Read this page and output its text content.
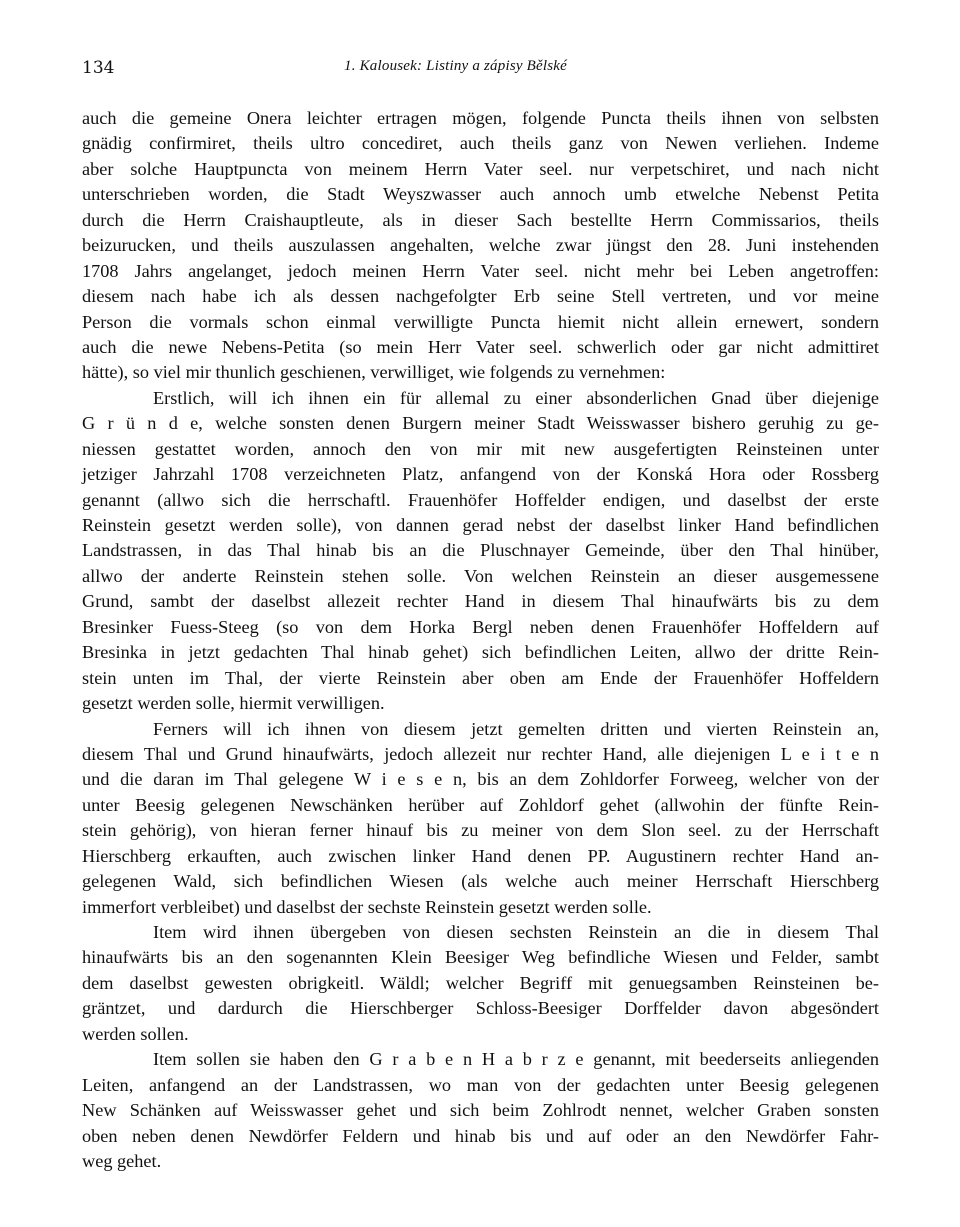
134	1. Kalousek: Listiny a zápisy Bělské
auch die gemeine Onera leichter ertragen mögen, folgende Puncta theils ihnen von selbsten
gnädig confirmiret, theils ultro concediret, auch theils ganz von Newen verliehen. Indeme
aber solche Hauptpuncta von meinem Herrn Vater seel. nur verpetschiret, und nach nicht
unterschrieben worden, die Stadt Weyszwasser auch annoch umb etwelche Nebenst Petita
durch die Herrn Craishauptleute, als in dieser Sach bestellte Herrn Commissarios, theils
beizurucken, und theils auszulassen angehalten, welche zwar jüngst den 28. Juni instehenden
1708 Jahrs angelanget, jedoch meinen Herrn Vater seel. nicht mehr bei Leben angetroffen:
diesem nach habe ich als dessen nachgefolgter Erb seine Stell vertreten, und vor meine
Person die vormals schon einmal verwilligte Puncta hiemit nicht allein ernewert, sondern
auch die newe Nebens-Petita (so mein Herr Vater seel. schwerlich oder gar nicht admittiret
hätte), so viel mir thunlich geschienen, verwilliget, wie folgends zu vernehmen:
Erstlich, will ich ihnen ein für allemal zu einer absonderlichen Gnad über diejenige
G r ü n d e, welche sonsten denen Burgern meiner Stadt Weisswasser bishero geruhig zu ge-
niessen gestattet worden, annoch den von mir mit new ausgefertigten Reinsteinen unter
jetziger Jahrzahl 1708 verzeichneten Platz, anfangend von der Konská Hora oder Rossberg
genannt (allwo sich die herrschaftl. Frauenhöfer Hoffelder endigen, und daselbst der erste
Reinstein gesetzt werden solle), von dannen gerad nebst der daselbst linker Hand befindlichen
Landstrassen, in das Thal hinab bis an die Pluschnayer Gemeinde, über den Thal hinüber,
allwo der anderte Reinstein stehen solle. Von welchen Reinstein an dieser ausgemessene
Grund, sambt der daselbst allezeit rechter Hand in diesem Thal hinaufwärts bis zu dem
Bresinker Fuess-Steeg (so von dem Horka Bergl neben denen Frauenhöfer Hoffeldern auf
Bresinka in jetzt gedachten Thal hinab gehet) sich befindlichen Leiten, allwo der dritte Rein-
stein unten im Thal, der vierte Reinstein aber oben am Ende der Frauenhöfer Hoffeldern
gesetzt werden solle, hiermit verwilligen.
Ferners will ich ihnen von diesem jetzt gemelten dritten und vierten Reinstein an,
diesem Thal und Grund hinaufwärts, jedoch allezeit nur rechter Hand, alle diejenigen L e i t e n
und die daran im Thal gelegene W i e s e n, bis an dem Zohldorfer Forweeg, welcher von der
unter Beesig gelegenen Newschänken herüber auf Zohldorf gehet (allwohin der fünfte Rein-
stein gehörig), von hieran ferner hinauf bis zu meiner von dem Slon seel. zu der Herrschaft
Hierschberg erkauften, auch zwischen linker Hand denen PP. Augustinern rechter Hand an-
gelegenen Wald, sich befindlichen Wiesen (als welche auch meiner Herrschaft Hierschberg
immerfort verbleibet) und daselbst der sechste Reinstein gesetzt werden solle.
Item wird ihnen übergeben von diesen sechsten Reinstein an die in diesem Thal
hinaufwärts bis an den sogenannten Klein Beesiger Weg befindliche Wiesen und Felder, sambt
dem daselbst gewesten obrigkeitl. Wäldl; welcher Begriff mit genuegsamben Reinsteinen be-
gräntzet, und dardurch die Hierschberger Schloss-Beesiger Dorffelder davon abgesöndert
werden sollen.
Item sollen sie haben den G r a b e n H a b r z e genannt, mit beederseits anliegenden
Leiten, anfangend an der Landstrassen, wo man von der gedachten unter Beesig gelegenen
New Schänken auf Weisswasser gehet und sich beim Zohlrodt nennet, welcher Graben sonsten
oben neben denen Newdörfer Feldern und hinab bis und auf oder an den Newdörfer Fahr-
weg gehet.
